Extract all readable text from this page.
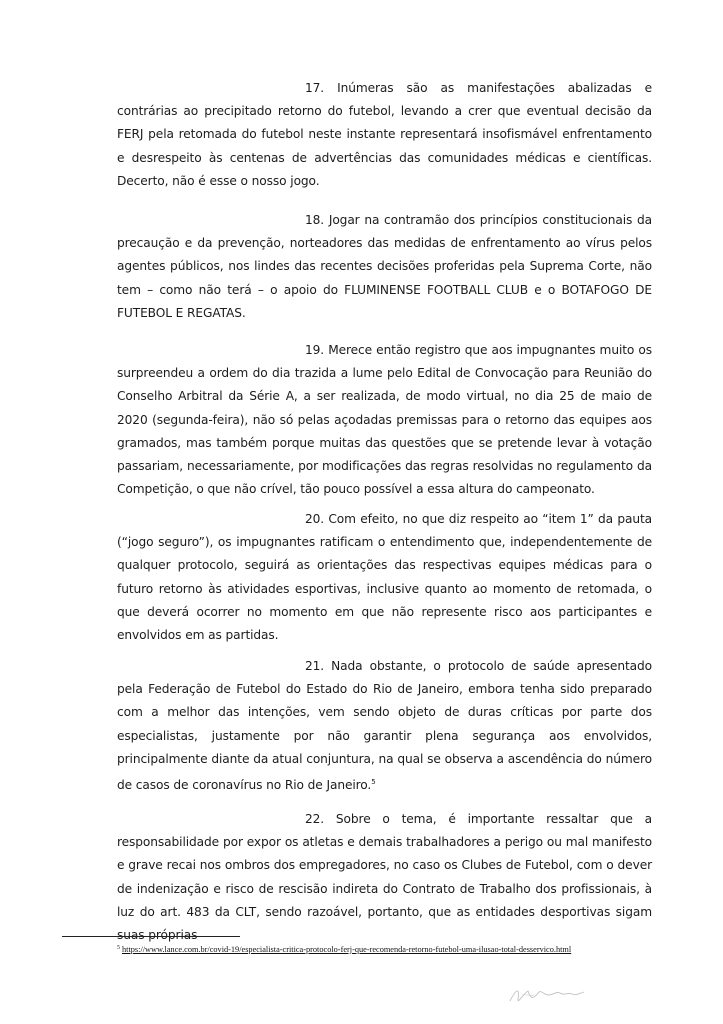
17. Inúmeras são as manifestações abalizadas e contrárias ao precipitado retorno do futebol, levando a crer que eventual decisão da FERJ pela retomada do futebol neste instante representará insofismável enfrentamento e desrespeito às centenas de advertências das comunidades médicas e científicas. Decerto, não é esse o nosso jogo.

18. Jogar na contramão dos princípios constitucionais da precaução e da prevenção, norteadores das medidas de enfrentamento ao vírus pelos agentes públicos, nos lindes das recentes decisões proferidas pela Suprema Corte, não tem – como não terá – o apoio do FLUMINENSE FOOTBALL CLUB e o BOTAFOGO DE FUTEBOL E REGATAS.

19. Merece então registro que aos impugnantes muito os surpreendeu a ordem do dia trazida a lume pelo Edital de Convocação para Reunião do Conselho Arbitral da Série A, a ser realizada, de modo virtual, no dia 25 de maio de 2020 (segunda-feira), não só pelas açodadas premissas para o retorno das equipes aos gramados, mas também porque muitas das questões que se pretende levar à votação passariam, necessariamente, por modificações das regras resolvidas no regulamento da Competição, o que não crível, tão pouco possível a essa altura do campeonato.

20. Com efeito, no que diz respeito ao “item 1” da pauta (“jogo seguro”), os impugnantes ratificam o entendimento que, independentemente de qualquer protocolo, seguirá as orientações das respectivas equipes médicas para o futuro retorno às atividades esportivas, inclusive quanto ao momento de retomada, o que deverá ocorrer no momento em que não represente risco aos participantes e envolvidos em as partidas.

21. Nada obstante, o protocolo de saúde apresentado pela Federação de Futebol do Estado do Rio de Janeiro, embora tenha sido preparado com a melhor das intenções, vem sendo objeto de duras críticas por parte dos especialistas, justamente por não garantir plena segurança aos envolvidos, principalmente diante da atual conjuntura, na qual se observa a ascendência do número de casos de coronavírus no Rio de Janeiro.$^5$

22. Sobre o tema, é importante ressaltar que a responsabilidade por expor os atletas e demais trabalhadores a perigo ou mal manifesto e grave recai nos ombros dos empregadores, no caso os Clubes de Futebol, com o dever de indenização e risco de rescisão indireta do Contrato de Trabalho dos profissionais, à luz do art. 483 da CLT, sendo razoável, portanto, que as entidades desportivas sigam suas próprias

$^5$ https://www.lance.com.br/covid-19/especialista-critica-protocolo-ferj-que-recomenda-retorno-futebol-uma-ilusao-total-desservico.html
